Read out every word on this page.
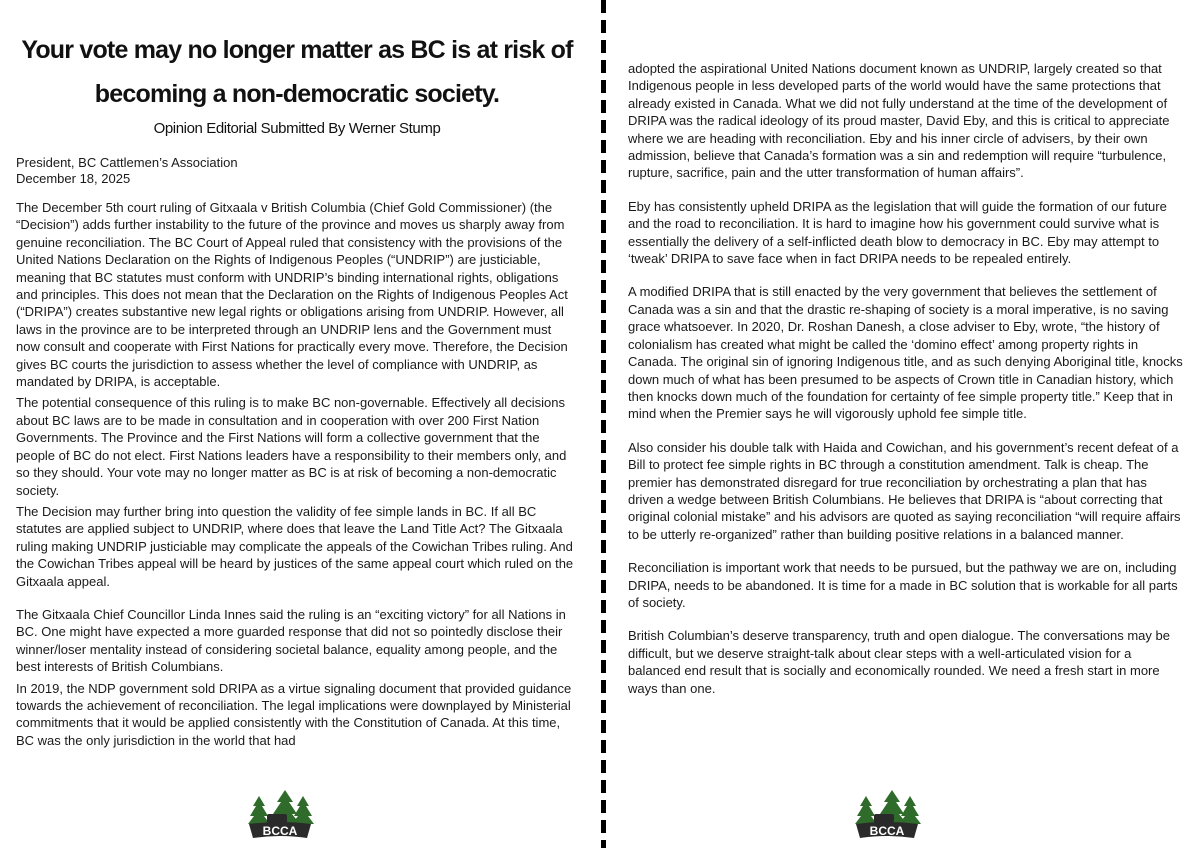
Your vote may no longer matter as BC is at risk of becoming a non-democratic society.
Opinion Editorial Submitted By Werner Stump
President, BC Cattlemen’s Association
December 18, 2025

The December 5th court ruling of Gitxaala v British Columbia (Chief Gold Commissioner) (the “Decision”) adds further instability to the future of the province and moves us sharply away from genuine reconciliation. The BC Court of Appeal ruled that consistency with the provisions of the United Nations Declaration on the Rights of Indigenous Peoples (“UNDRIP”) are justiciable, meaning that BC statutes must conform with UNDRIP’s binding international rights, obligations and principles. This does not mean that the Declaration on the Rights of Indigenous Peoples Act (“DRIPA”) creates substantive new legal rights or obligations arising from UNDRIP. However, all laws in the province are to be interpreted through an UNDRIP lens and the Government must now consult and cooperate with First Nations for practically every move. Therefore, the Decision gives BC courts the jurisdiction to assess whether the level of compliance with UNDRIP, as mandated by DRIPA, is acceptable.

The potential consequence of this ruling is to make BC non-governable. Effectively all decisions about BC laws are to be made in consultation and in cooperation with over 200 First Nation Governments. The Province and the First Nations will form a collective government that the people of BC do not elect. First Nations leaders have a responsibility to their members only, and so they should. Your vote may no longer matter as BC is at risk of becoming a non-democratic society.

The Decision may further bring into question the validity of fee simple lands in BC. If all BC statutes are applied subject to UNDRIP, where does that leave the Land Title Act? The Gitxaala ruling making UNDRIP justiciable may complicate the appeals of the Cowichan Tribes ruling. And the Cowichan Tribes appeal will be heard by justices of the same appeal court which ruled on the Gitxaala appeal.

The Gitxaala Chief Councillor Linda Innes said the ruling is an “exciting victory” for all Nations in BC. One might have expected a more guarded response that did not so pointedly disclose their winner/loser mentality instead of considering societal balance, equality among people, and the best interests of British Columbians.

In 2019, the NDP government sold DRIPA as a virtue signaling document that provided guidance towards the achievement of reconciliation. The legal implications were downplayed by Ministerial commitments that it would be applied consistently with the Constitution of Canada. At this time, BC was the only jurisdiction in the world that had

adopted the aspirational United Nations document known as UNDRIP, largely created so that Indigenous people in less developed parts of the world would have the same protections that already existed in Canada. What we did not fully understand at the time of the development of DRIPA was the radical ideology of its proud master, David Eby, and this is critical to appreciate where we are heading with reconciliation. Eby and his inner circle of advisers, by their own admission, believe that Canada’s formation was a sin and redemption will require “turbulence, rupture, sacrifice, pain and the utter transformation of human affairs”.

Eby has consistently upheld DRIPA as the legislation that will guide the formation of our future and the road to reconciliation. It is hard to imagine how his government could survive what is essentially the delivery of a self-inflicted death blow to democracy in BC. Eby may attempt to ‘tweak’ DRIPA to save face when in fact DRIPA needs to be repealed entirely.

A modified DRIPA that is still enacted by the very government that believes the settlement of Canada was a sin and that the drastic re-shaping of society is a moral imperative, is no saving grace whatsoever. In 2020, Dr. Roshan Danesh, a close adviser to Eby, wrote, “the history of colonialism has created what might be called the ‘domino effect’ among property rights in Canada. The original sin of ignoring Indigenous title, and as such denying Aboriginal title, knocks down much of what has been presumed to be aspects of Crown title in Canadian history, which then knocks down much of the foundation for certainty of fee simple property title.” Keep that in mind when the Premier says he will vigorously uphold fee simple title.

Also consider his double talk with Haida and Cowichan, and his government’s recent defeat of a Bill to protect fee simple rights in BC through a constitution amendment. Talk is cheap. The premier has demonstrated disregard for true reconciliation by orchestrating a plan that has driven a wedge between British Columbians. He believes that DRIPA is “about correcting that original colonial mistake” and his advisors are quoted as saying reconciliation “will require affairs to be utterly re-organized” rather than building positive relations in a balanced manner.

Reconciliation is important work that needs to be pursued, but the pathway we are on, including DRIPA, needs to be abandoned. It is time for a made in BC solution that is workable for all parts of society.

British Columbian’s deserve transparency, truth and open dialogue. The conversations may be difficult, but we deserve straight-talk about clear steps with a well-articulated vision for a balanced end result that is socially and economically rounded. We need a fresh start in more ways than one.

BCCA	BCCA
